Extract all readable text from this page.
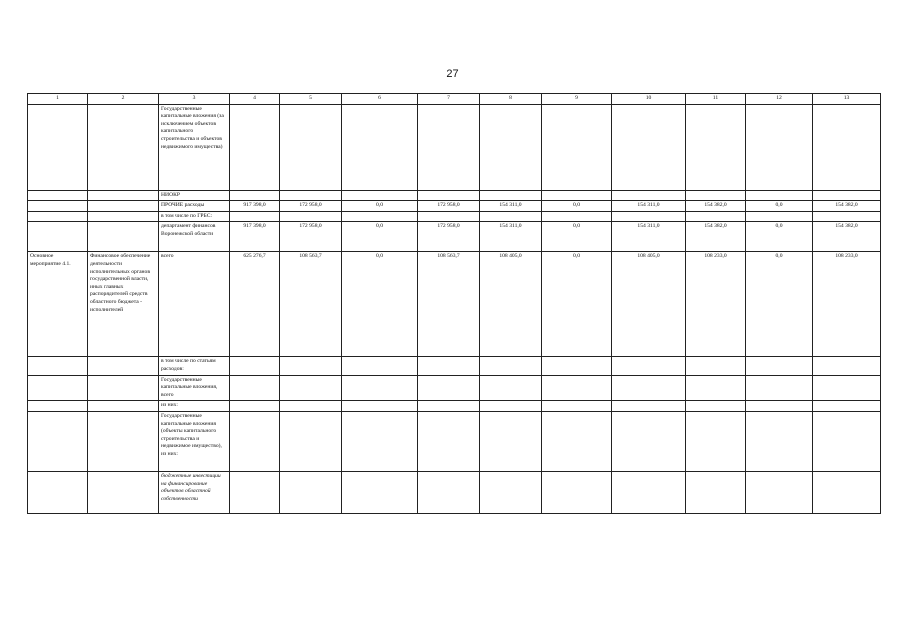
27
1	2	3	4	5	6	7	8	9	10	11	12	13
		Государственные капитальные вложения (за исключением объектов капитального строительства и объектов недвижимого имущества)										
		НИОКР										
		ПРОЧИЕ расходы	917 398,0	172 958,0	0,0	172 958,0	154 311,0	0,0	154 311,0	154 382,0	0,0	154 382,0
		в том числе по ГРБС:										
		департамент финансов Воронежской области	917 398,0	172 958,0	0,0	172 958,0	154 311,0	0,0	154 311,0	154 382,0	0,0	154 382,0
Основное мероприятие 4.1.	Финансовое обеспечение деятельности исполнительных органов государственной власти, иных главных распорядителей средств областного бюджета - исполнителей	всего	625 276,7	108 563,7	0,0	108 563,7	108 405,0	0,0	108 405,0	108 233,0	0,0	108 233,0
		в том числе по статьям расходов:										
		Государственные капитальные вложения, всего										
		из них:										
		Государственные капитальные вложения (объекты капитального строительства и недвижимое имущество), из них:										
		бюджетные инвестиции на финансирование объектов областной собственности										
